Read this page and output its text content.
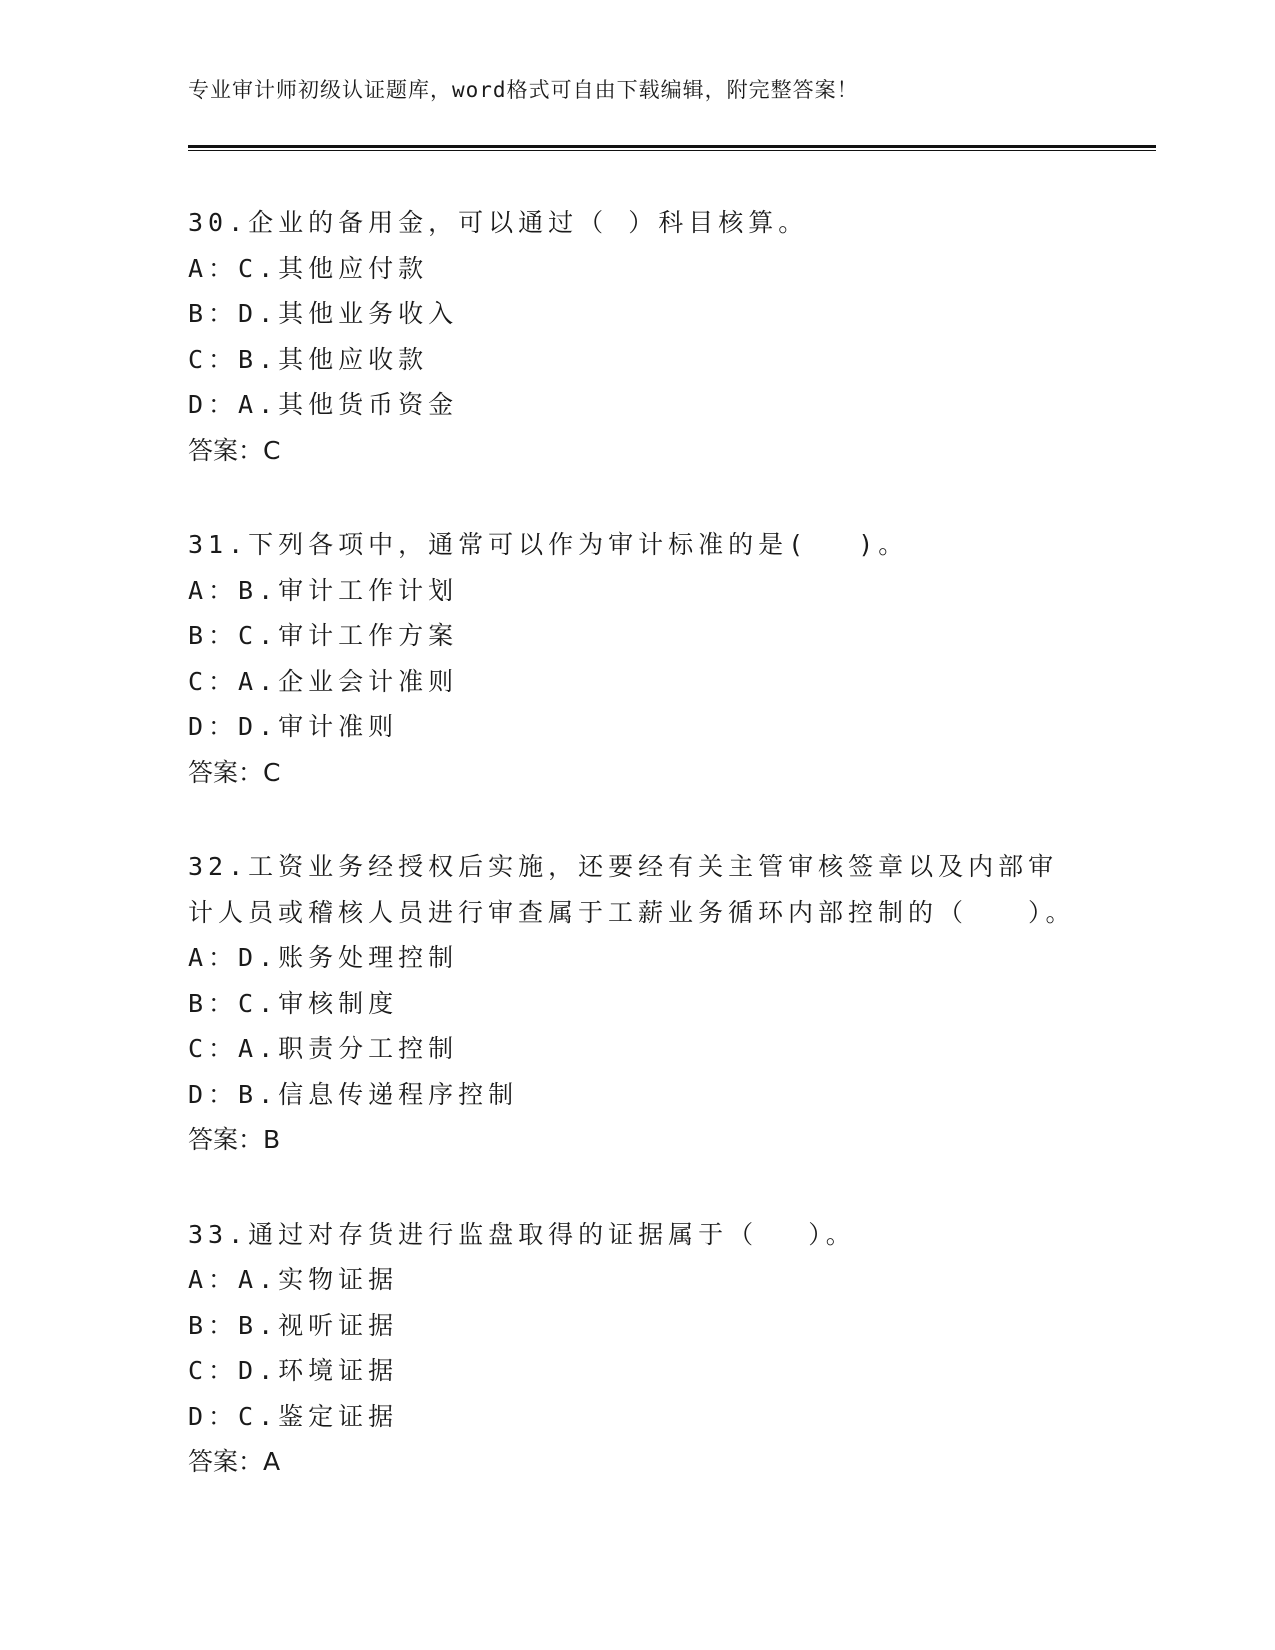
专业审计师初级认证题库，word格式可自由下载编辑，附完整答案！

30.企业的备用金，可以通过（ ）科目核算。

A：C.其他应付款
B：D.其他业务收入
C：B.其他应收款
D：A.其他货币资金
答案：C

31.下列各项中，通常可以作为审计标准的是(　 )。

A：B.审计工作计划
B：C.审计工作方案
C：A.企业会计准则
D：D.审计准则
答案：C

32.工资业务经授权后实施，还要经有关主管审核签章以及内部审计人员或稽核人员进行审查属于工薪业务循环内部控制的（　　）。

A：D.账务处理控制
B：C.审核制度
C：A.职责分工控制
D：B.信息传递程序控制
答案：B

33.通过对存货进行监盘取得的证据属于（　 ）。

A：A.实物证据
B：B.视听证据
C：D.环境证据
D：C.鉴定证据
答案：A
